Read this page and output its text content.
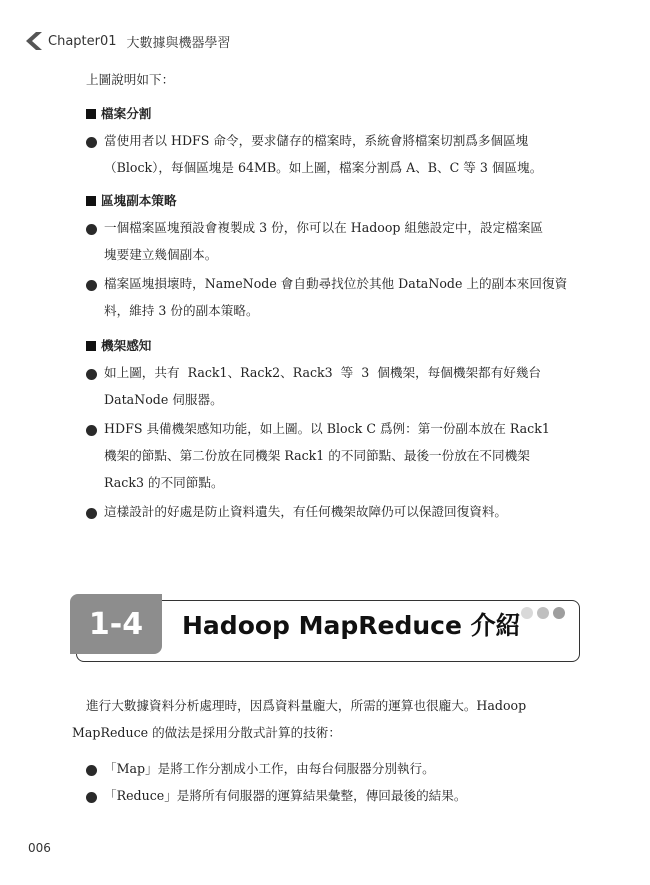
Chapter01 大數據與機器學習
上圖說明如下：
檔案分割
當使用者以 HDFS 命令，要求儲存的檔案時，系統會將檔案切割爲多個區塊
（Block），每個區塊是 64MB。如上圖，檔案分割爲 A、B、C 等 3 個區塊。
區塊副本策略
一個檔案區塊預設會複製成 3 份，你可以在 Hadoop 組態設定中，設定檔案區
塊要建立幾個副本。
檔案區塊損壞時，NameNode 會自動尋找位於其他 DataNode 上的副本來回復資
料，維持 3 份的副本策略。
機架感知
如上圖，共有 Rack1、Rack2、Rack3 等 3 個機架，每個機架都有好幾台
DataNode 伺服器。
HDFS 具備機架感知功能，如上圖。以 Block C 爲例：第一份副本放在 Rack1
機架的節點、第二份放在同機架 Rack1 的不同節點、最後一份放在不同機架
Rack3 的不同節點。
這樣設計的好處是防止資料遺失，有任何機架故障仍可以保證回復資料。
1-4	Hadoop MapReduce 介紹
進行大數據資料分析處理時，因爲資料量龐大，所需的運算也很龐大。Hadoop
MapReduce 的做法是採用分散式計算的技術：
「Map」是將工作分割成小工作，由每台伺服器分別執行。
「Reduce」是將所有伺服器的運算結果彙整，傳回最後的結果。
006
